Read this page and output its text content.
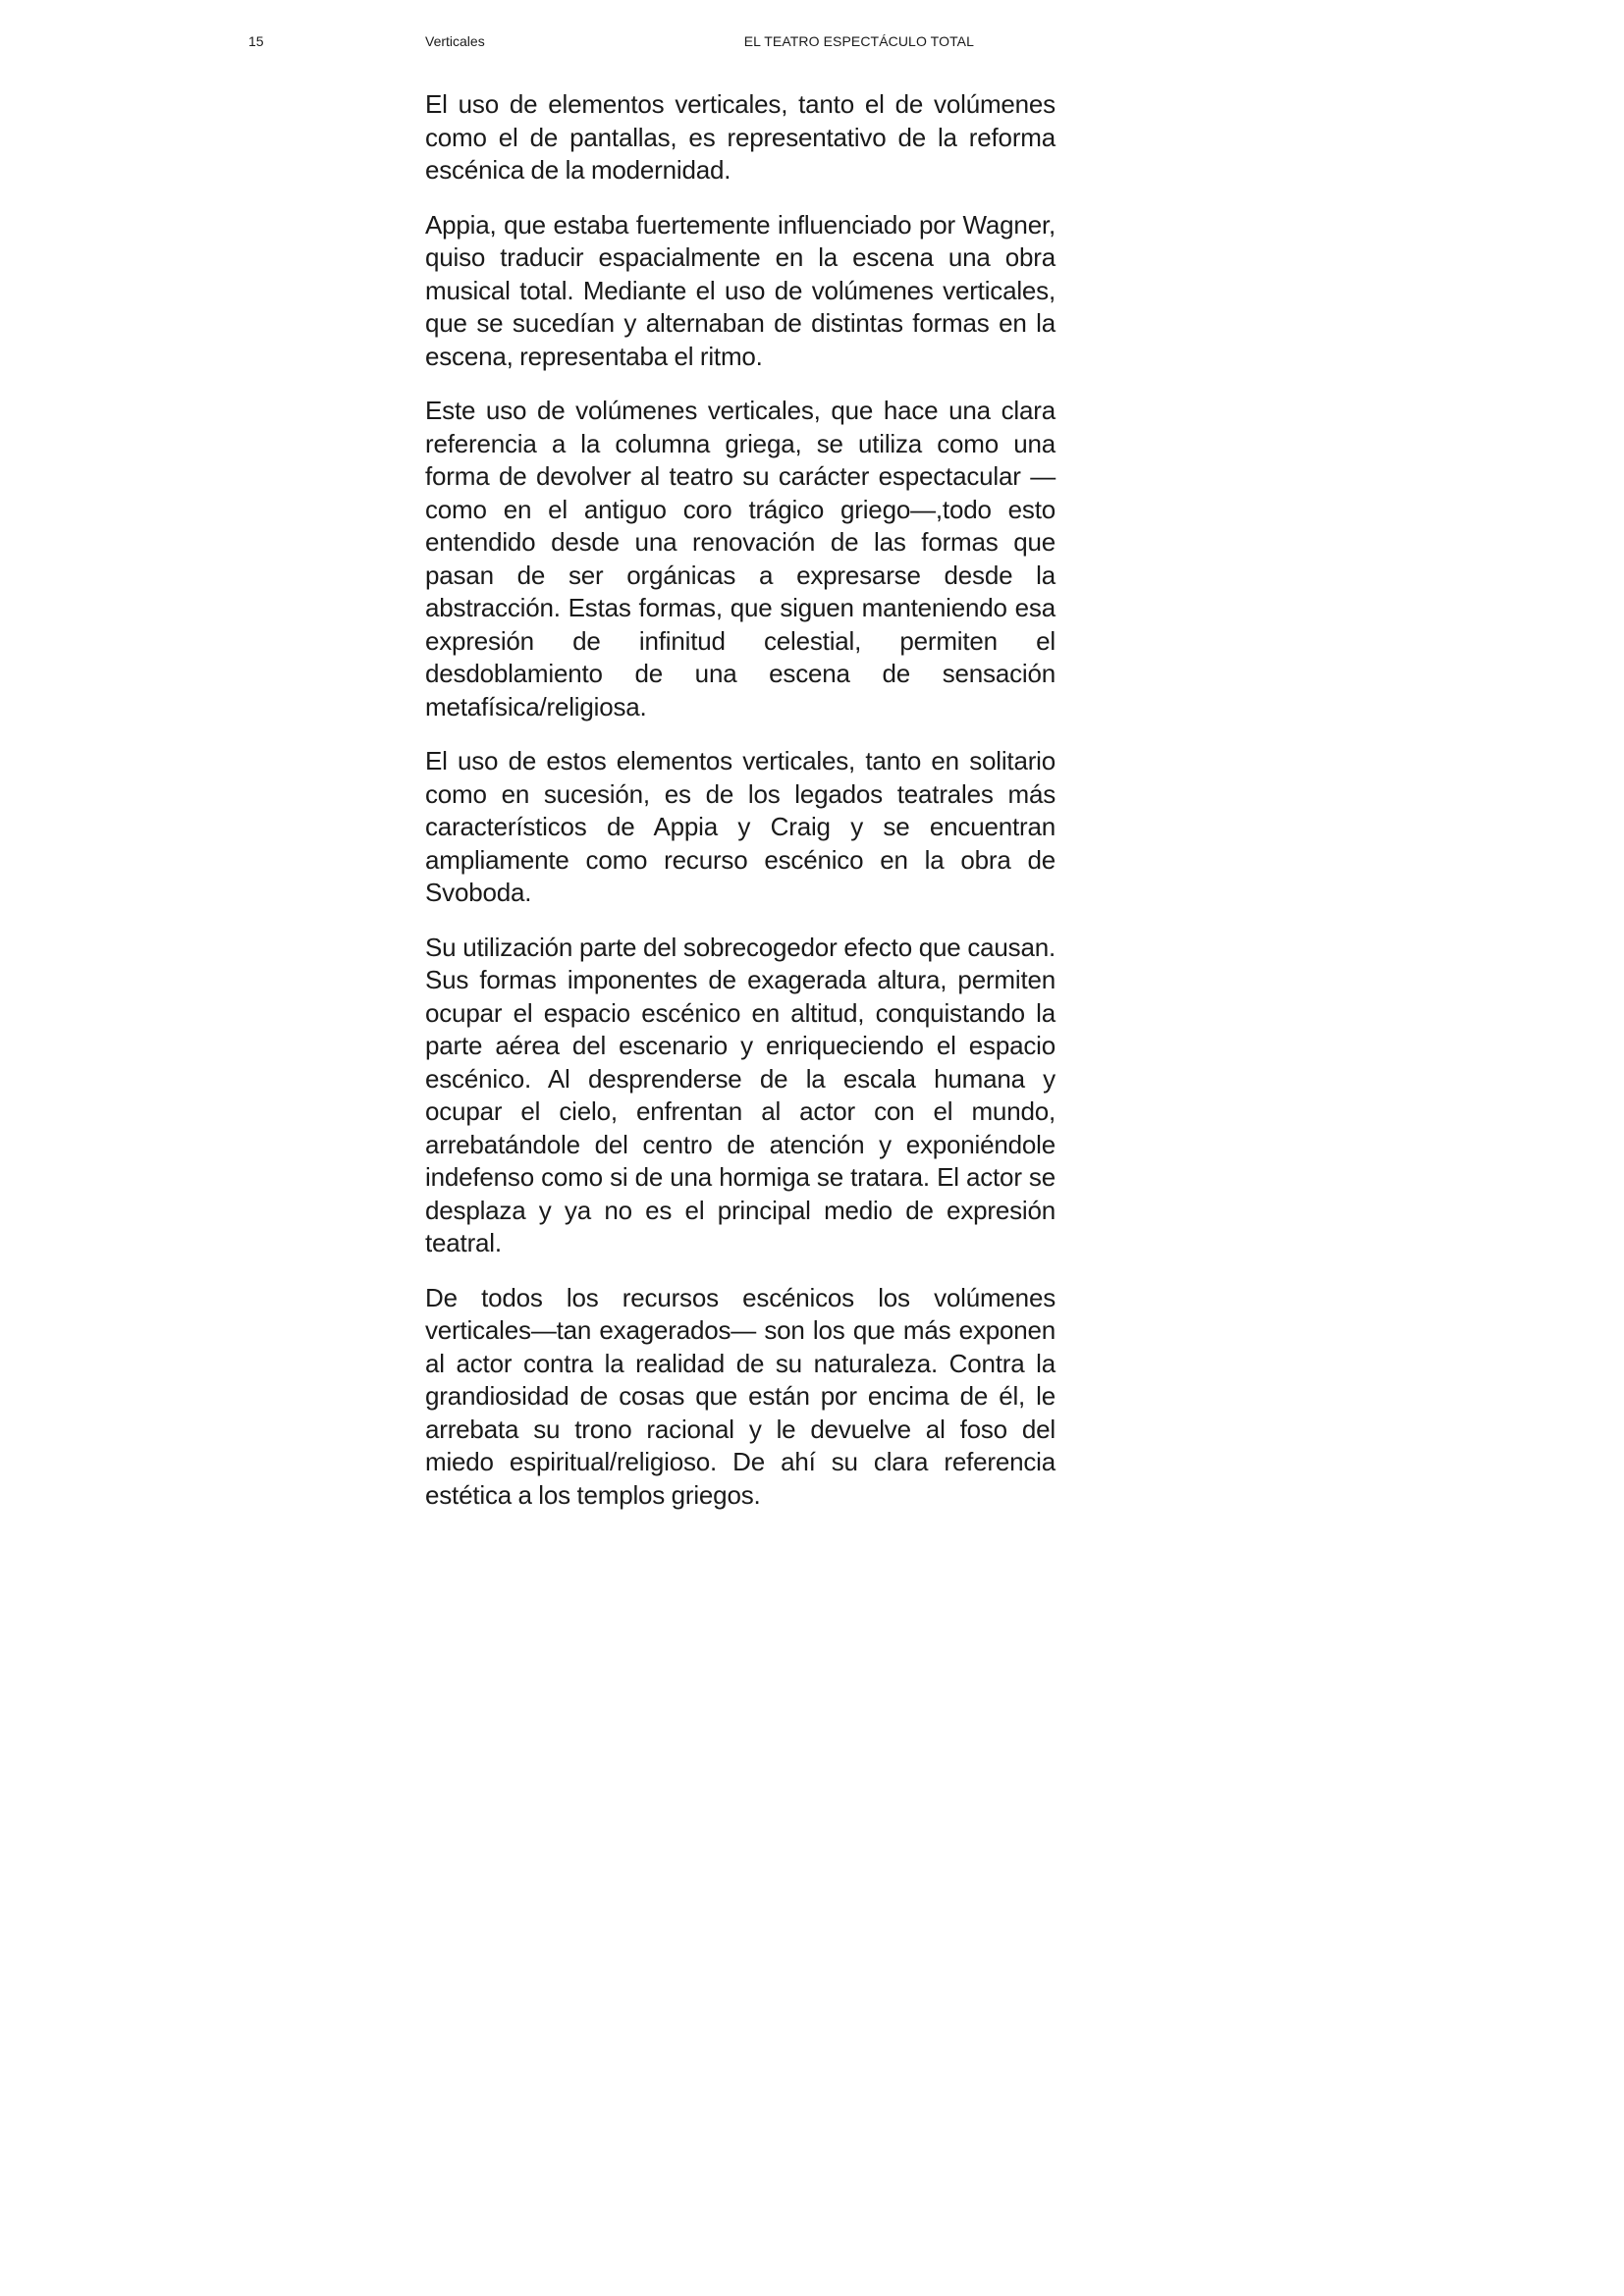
15	Verticales	EL TEATRO ESPECTÁCULO TOTAL

El uso de elementos verticales, tanto el de volúmenes como el de pantallas, es representativo de la reforma escénica de la modernidad.

Appia, que estaba fuertemente influenciado por Wagner, quiso traducir espacialmente en la escena una obra musical total. Mediante el uso de volúmenes verticales, que se sucedían y alternaban de distintas formas en la escena, representaba el ritmo.

Este uso de volúmenes verticales, que hace una clara referencia a la columna griega, se utiliza como una forma de devolver al teatro su carácter espectacular —como en el antiguo coro trágico griego—,todo esto entendido desde una renovación de las formas que pasan de ser orgánicas a expresarse desde la abstracción. Estas formas, que siguen manteniendo esa expresión de infinitud celestial, permiten el desdoblamiento de una escena de sensación metafísica/religiosa.

El uso de estos elementos verticales, tanto en solitario como en sucesión, es de los legados teatrales más característicos de Appia y Craig y se encuentran ampliamente como recurso escénico en la obra de Svoboda.

Su utilización parte del sobrecogedor efecto que causan. Sus formas imponentes de exagerada altura, permiten ocupar el espacio escénico en altitud, conquistando la parte aérea del escenario y enriqueciendo el espacio escénico. Al desprenderse de la escala humana y ocupar el cielo, enfrentan al actor con el mundo, arrebatándole del centro de atención y exponiéndole indefenso como si de una hormiga se tratara. El actor se desplaza y ya no es el principal medio de expresión teatral.

De todos los recursos escénicos los volúmenes verticales—tan exagerados— son los que más exponen al actor contra la realidad de su naturaleza. Contra la grandiosidad de cosas que están por encima de él, le arrebata su trono racional y le devuelve al foso del miedo espiritual/religioso. De ahí su clara referencia estética a los templos griegos.
